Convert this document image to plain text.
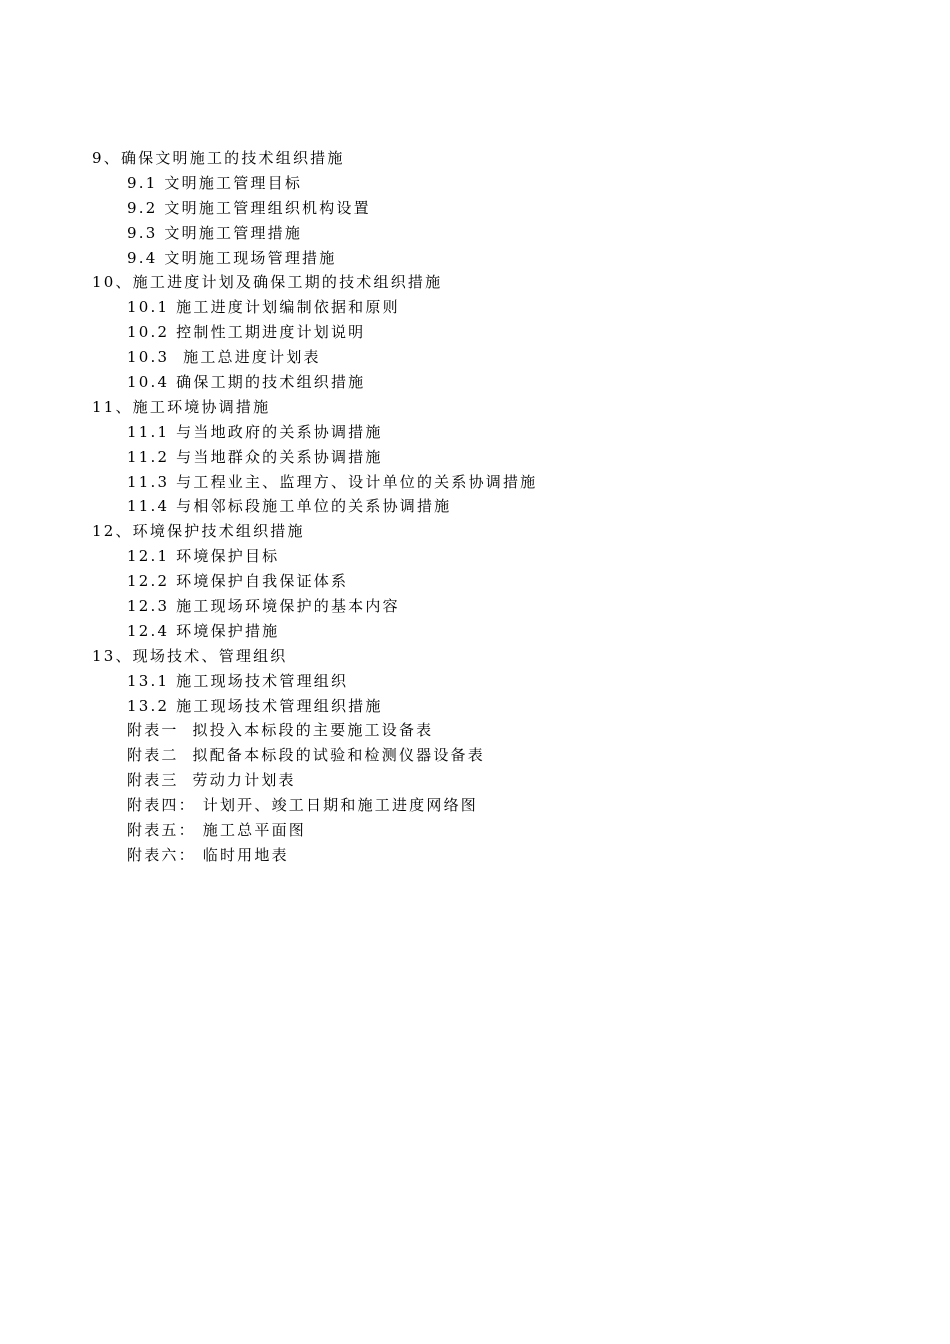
9、确保文明施工的技术组织措施
9.1 文明施工管理目标
9.2 文明施工管理组织机构设置
9.3 文明施工管理措施
9.4 文明施工现场管理措施
10、施工进度计划及确保工期的技术组织措施
10.1 施工进度计划编制依据和原则
10.2 控制性工期进度计划说明
10.3  施工总进度计划表
10.4 确保工期的技术组织措施
11、施工环境协调措施
11.1 与当地政府的关系协调措施
11.2 与当地群众的关系协调措施
11.3 与工程业主、监理方、设计单位的关系协调措施
11.4 与相邻标段施工单位的关系协调措施
12、环境保护技术组织措施
12.1 环境保护目标
12.2 环境保护自我保证体系
12.3 施工现场环境保护的基本内容
12.4 环境保护措施
13、现场技术、管理组织
13.1 施工现场技术管理组织
13.2 施工现场技术管理组织措施
附表一  拟投入本标段的主要施工设备表
附表二  拟配备本标段的试验和检测仪器设备表
附表三  劳动力计划表
附表四： 计划开、竣工日期和施工进度网络图
附表五： 施工总平面图
附表六： 临时用地表
